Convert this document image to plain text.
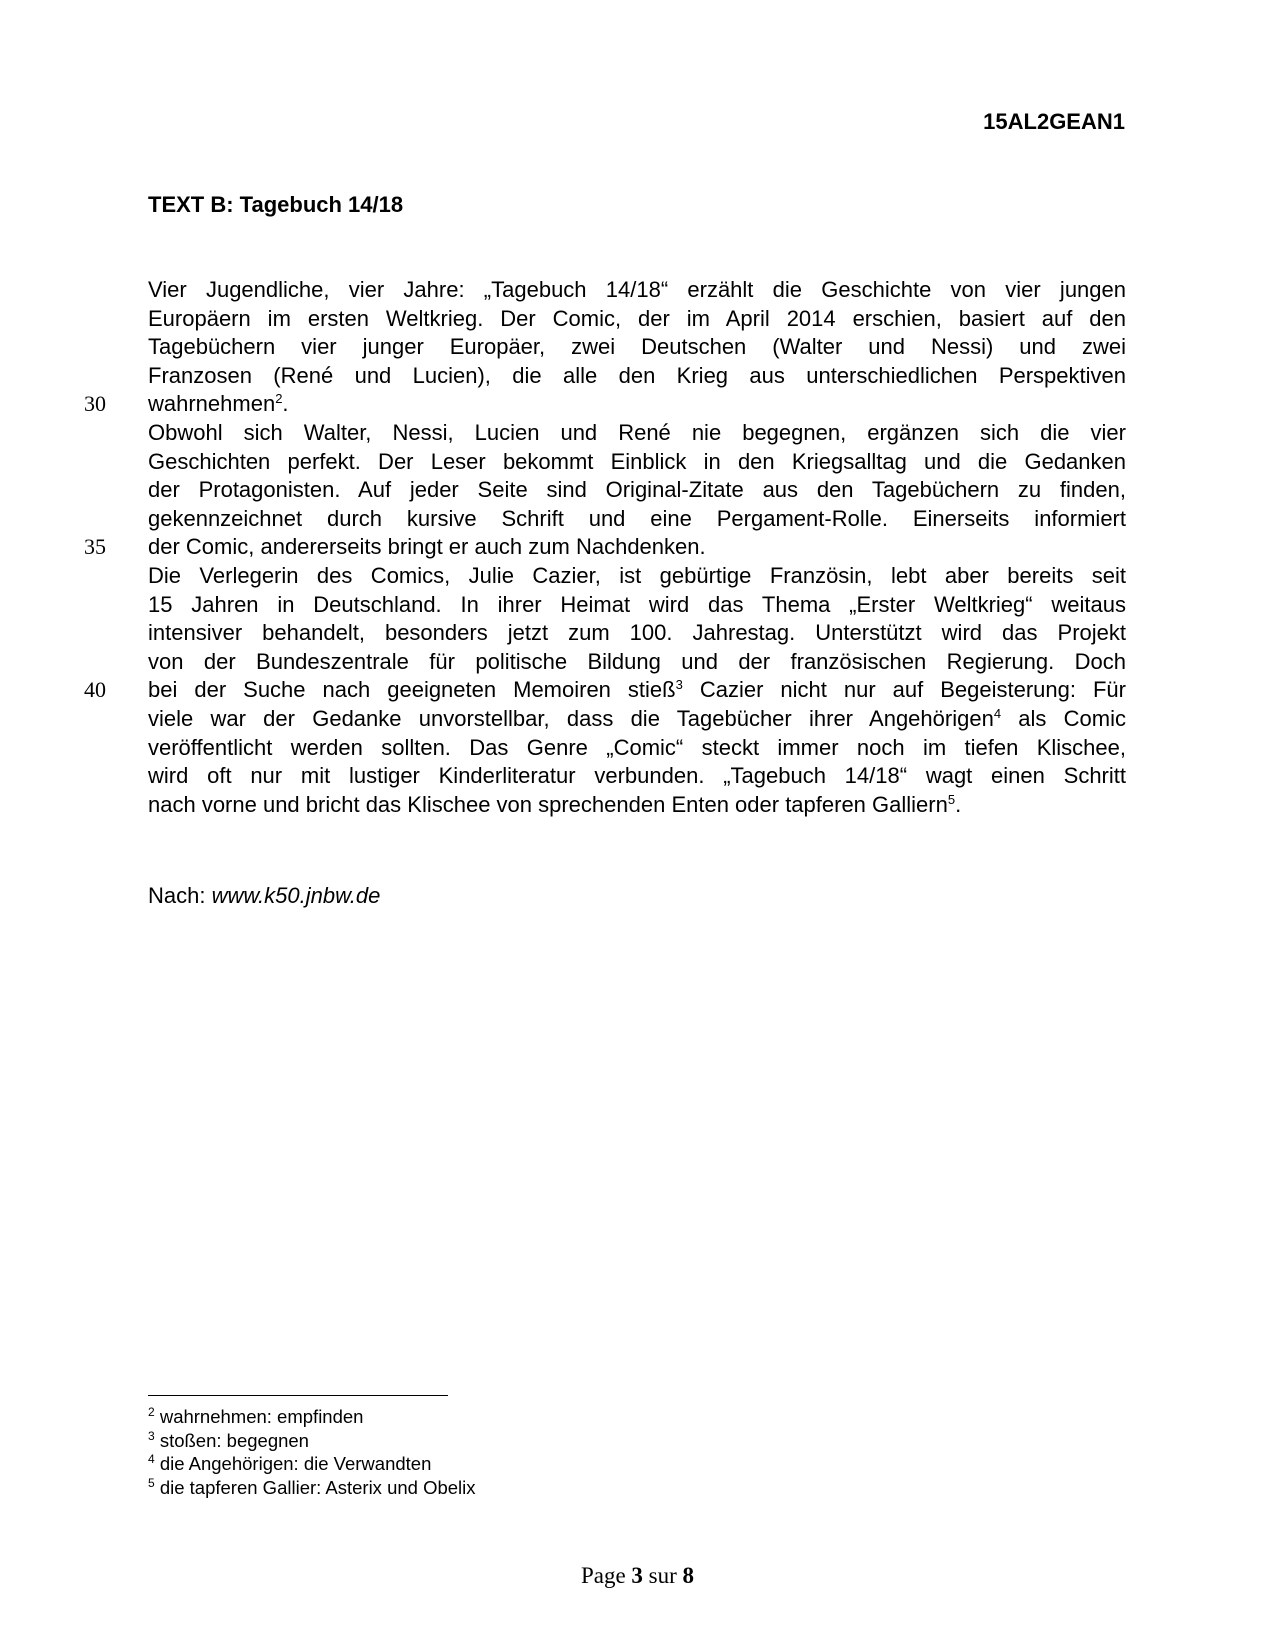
15AL2GEAN1
TEXT B: Tagebuch 14/18
Vier Jugendliche, vier Jahre: „Tagebuch 14/18“ erzählt die Geschichte von vier jungen
Europäern im ersten Weltkrieg. Der Comic, der im April 2014 erschien, basiert auf den
Tagebüchern vier junger Europäer, zwei Deutschen (Walter und Nessi) und zwei
Franzosen (René und Lucien), die alle den Krieg aus unterschiedlichen Perspektiven
wahrnehmen$^2$.
Obwohl sich Walter, Nessi, Lucien und René nie begegnen, ergänzen sich die vier
Geschichten perfekt. Der Leser bekommt Einblick in den Kriegsalltag und die Gedanken
der Protagonisten. Auf jeder Seite sind Original-Zitate aus den Tagebüchern zu finden,
gekennzeichnet durch kursive Schrift und eine Pergament-Rolle. Einerseits informiert
der Comic, andererseits bringt er auch zum Nachdenken.
Die Verlegerin des Comics, Julie Cazier, ist gebürtige Französin, lebt aber bereits seit
15 Jahren in Deutschland. In ihrer Heimat wird das Thema „Erster Weltkrieg“ weitaus
intensiver behandelt, besonders jetzt zum 100. Jahrestag. Unterstützt wird das Projekt
von der Bundeszentrale für politische Bildung und der französischen Regierung. Doch
bei der Suche nach geeigneten Memoiren stieß$^3$ Cazier nicht nur auf Begeisterung: Für
viele war der Gedanke unvorstellbar, dass die Tagebücher ihrer Angehörigen$^4$ als Comic
veröffentlicht werden sollten. Das Genre „Comic“ steckt immer noch im tiefen Klischee,
wird oft nur mit lustiger Kinderliteratur verbunden. „Tagebuch 14/18“ wagt einen Schritt
nach vorne und bricht das Klischee von sprechenden Enten oder tapferen Galliern$^5$.
30
35
40
Nach: www.k50.jnbw.de
$^2$ wahrnehmen: empfinden
$^3$ stoßen: begegnen
$^4$ die Angehörigen: die Verwandten
$^5$ die tapferen Gallier: Asterix und Obelix
Page 3 sur 8
